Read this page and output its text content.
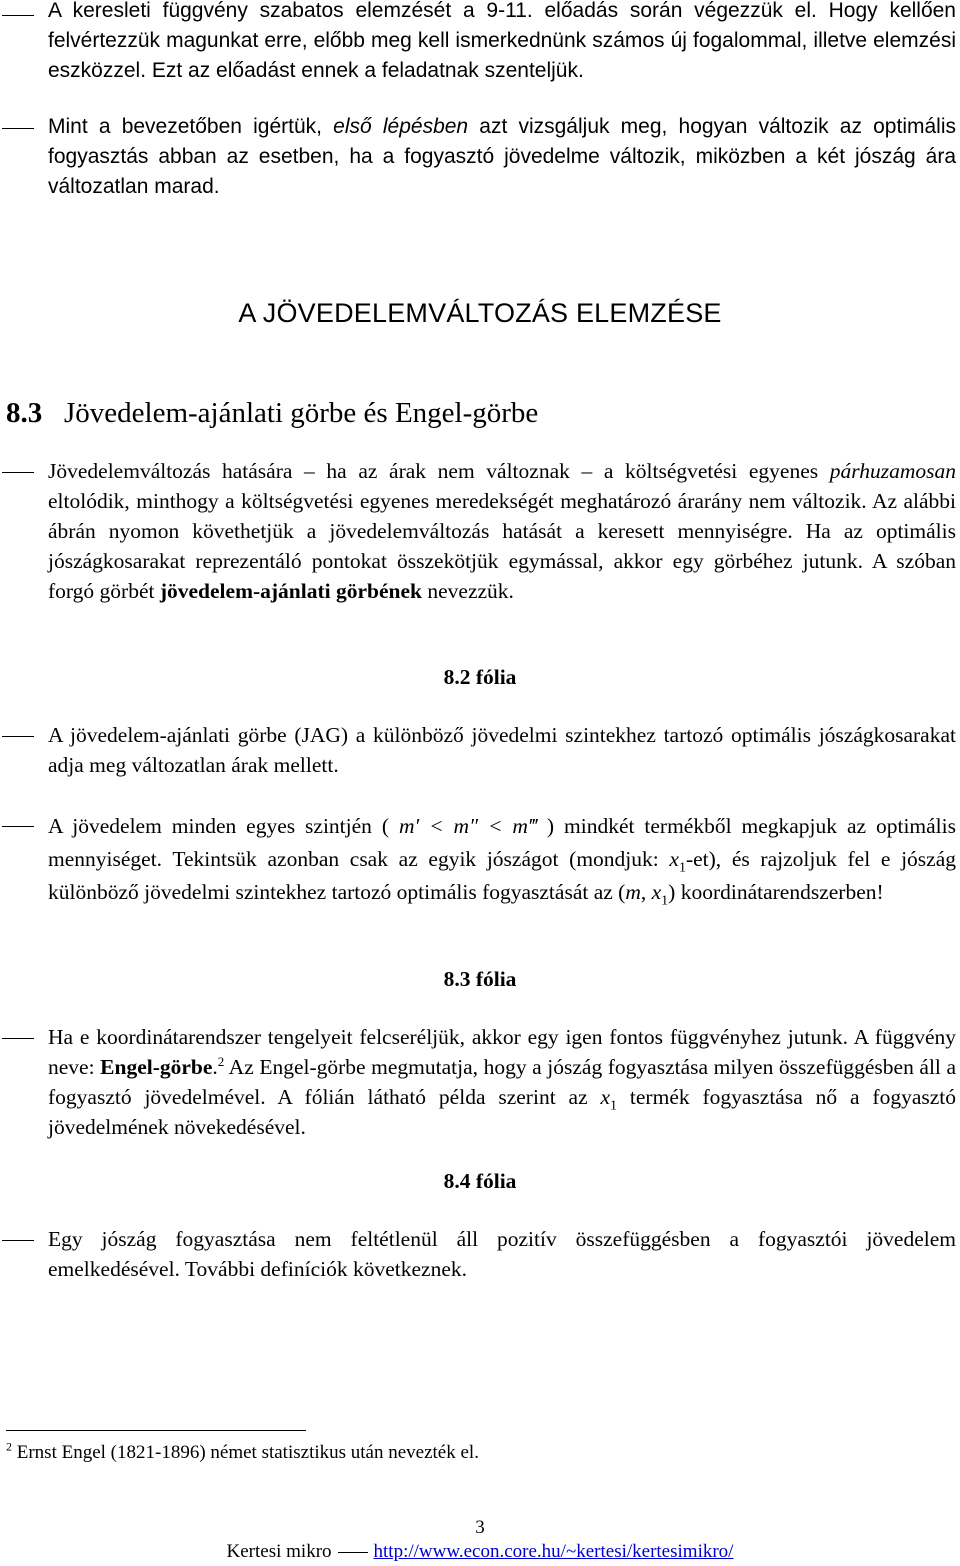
A keresleti függvény szabatos elemzését a 9-11. előadás során végezzük el. Hogy kellően felvértezzük magunkat erre, előbb meg kell ismerkednünk számos új fogalommal, illetve elemzési eszközzel. Ezt az előadást ennek a feladatnak szenteljük.

Mint a bevezetőben igértük, első lépésben azt vizsgáljuk meg, hogyan változik az optimális fogyasztás abban az esetben, ha a fogyasztó jövedelme változik, miközben a két jószág ára változatlan marad.

A JÖVEDELEMVÁLTOZÁS ELEMZÉSE
8.3 Jövedelem-ajánlati görbe és Engel-görbe

Jövedelemváltozás hatására – ha az árak nem változnak – a költségvetési egyenes párhuzamosan eltolódik, minthogy a költségvetési egyenes meredekségét meghatározó árarány nem változik. Az alábbi ábrán nyomon követhetjük a jövedelemváltozás hatását a keresett mennyiségre. Ha az optimális jószágkosarakat reprezentáló pontokat összekötjük egymással, akkor egy görbéhez jutunk. A szóban forgó görbét jövedelem-ajánlati görbének nevezzük.

8.2 fólia

A jövedelem-ajánlati görbe (JAG) a különböző jövedelmi szintekhez tartozó optimális jószágkosarakat adja meg változatlan árak mellett.

A jövedelem minden egyes szintjén ( m′ < m″ < m‴ ) mindkét termékből megkapjuk az optimális mennyiséget. Tekintsük azonban csak az egyik jószágot (mondjuk: $x_1-et$), és rajzoljuk fel e jószág különböző jövedelmi szintekhez tartozó optimális fogyasztását az (m, $x_1$) koordinátarendszerben!

8.3 fólia

Ha e koordinátarendszer tengelyeit felcseréljük, akkor egy igen fontos függvényhez jutunk. A függvény neve: Engel-görbe.$^2$ Az Engel-görbe megmutatja, hogy a jószág fogyasztása milyen összefüggésben áll a fogyasztó jövedelmével. A fólián látható példa szerint az $x_1$ termék fogyasztása nő a fogyasztó jövedelmének növekedésével.

8.4 fólia

Egy jószág fogyasztása nem feltétlenül áll pozitív összefüggésben a fogyasztói jövedelem emelkedésével. További definíciók következnek.

$^2$ Ernst Engel (1821-1896) német statisztikus után nevezték el.
3
Kertesi mikro http://www.econ.core.hu/~kertesi/kertesimikro/
